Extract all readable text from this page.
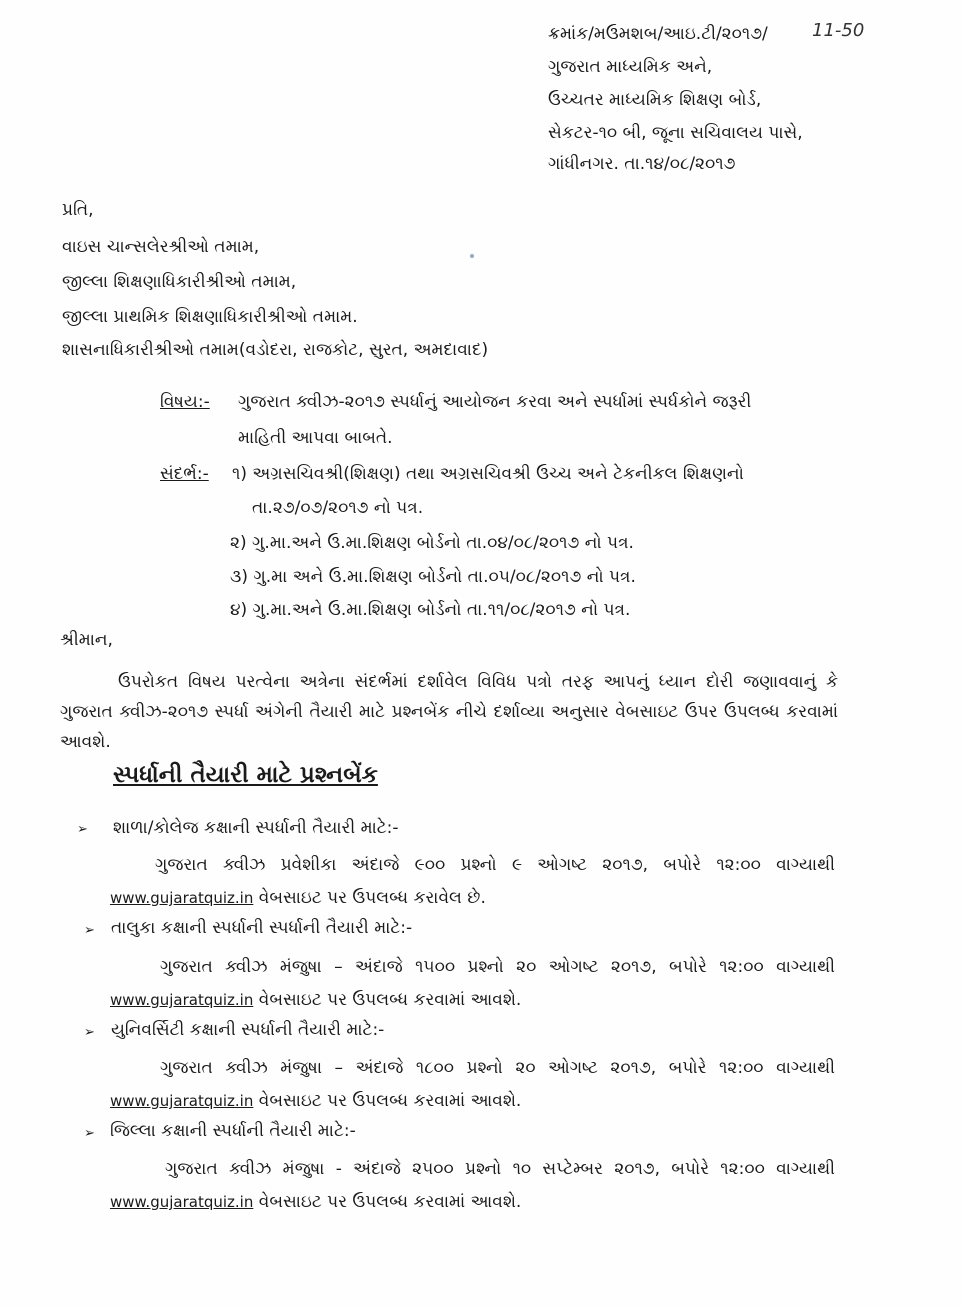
ક્રમાંક/મઉમશબ/આઇ.ટી/૨૦૧૭/ 11-50
ગુજરાત માધ્યમિક અને,
ઉચ્ચતર માધ્યમિક શિક્ષણ બોર્ડ,
સેકટર-૧૦ બી, જૂના સચિવાલય પાસે,
ગાંધીનગર. તા.૧૪/૦૮/૨૦૧૭
પ્રતિ,
વાઇસ ચાન્સલેરશ્રીઓ તમામ,
જીલ્લા શિક્ષણાધિકારીશ્રીઓ તમામ,
જીલ્લા પ્રાથમિક શિક્ષણાધિકારીશ્રીઓ તમામ.
શાસનાધિકારીશ્રીઓ તમામ(વડોદરા, રાજકોટ, સુરત, અમદાવાદ)
વિષય:- ગુજરાત ક્વીઝ-૨૦૧૭ સ્પર્ધાનું આયોજન કરવા અને સ્પર્ધામાં સ્પર્ધકોને જરૂરી
માહિતી આપવા બાબતે.
સંદર્ભ:- ૧) અગ્રસચિવશ્રી(શિક્ષણ) તથા અગ્રસચિવશ્રી ઉચ્ચ અને ટેકનીકલ શિક્ષણનો
તા.૨૭/૦૭/૨૦૧૭ નો પત્ર.
૨) ગુ.મા.અને ઉ.મા.શિક્ષણ બોર્ડનો તા.૦૪/૦૮/૨૦૧૭ નો પત્ર.
૩) ગુ.મા અને ઉ.મા.શિક્ષણ બોર્ડનો તા.૦૫/૦૮/૨૦૧૭ નો પત્ર.
૪) ગુ.મા.અને ઉ.મા.શિક્ષણ બોર્ડનો તા.૧૧/૦૮/૨૦૧૭ નો પત્ર.
શ્રીમાન,
ઉપરોકત વિષય પરત્વેના અત્રેના સંદર્ભમાં દર્શાવેલ વિવિધ પત્રો તરફ આપનું ધ્યાન દોરી જણાવવાનું કે ગુજરાત ક્વીઝ-૨૦૧૭ સ્પર્ધા અંગેની તૈયારી માટે પ્રશ્નબેંક નીચે દર્શાવ્યા અનુસાર વેબસાઇટ ઉપર ઉપલબ્ધ કરવામાં આવશે.
સ્પર્ધાની તૈયારી માટે પ્રશ્નબેંક
➢ શાળા/કોલેજ કક્ષાની સ્પર્ધાની તૈયારી માટે:-
ગુજરાત ક્વીઝ પ્રવેશીકા અંદાજે ૯૦૦ પ્રશ્નો ૯ ઓગષ્ટ ૨૦૧૭, બપોરે ૧૨:૦૦ વાગ્યાથી www.gujaratquiz.in વેબસાઇટ પર ઉપલબ્ધ કરાવેલ છે.
➢ તાલુકા કક્ષાની સ્પર્ધાની સ્પર્ધાની તૈયારી માટે:-
ગુજરાત ક્વીઝ મંજુષા – અંદાજે ૧૫૦૦ પ્રશ્નો ૨૦ ઓગષ્ટ ૨૦૧૭, બપોરે ૧૨:૦૦ વાગ્યાથી www.gujaratquiz.in વેબસાઇટ પર ઉપલબ્ધ કરવામાં આવશે.
➢ યુનિવર્સિટી કક્ષાની સ્પર્ધાની તૈયારી માટે:-
ગુજરાત ક્વીઝ મંજુષા – અંદાજે ૧૮૦૦ પ્રશ્નો ૨૦ ઓગષ્ટ ૨૦૧૭, બપોરે ૧૨:૦૦ વાગ્યાથી www.gujaratquiz.in વેબસાઇટ પર ઉપલબ્ધ કરવામાં આવશે.
➢ જિલ્લા કક્ષાની સ્પર્ધાની તૈયારી માટે:-
ગુજરાત ક્વીઝ મંજુષા - અંદાજે ૨૫૦૦ પ્રશ્નો ૧૦ સપ્ટેમ્બર ૨૦૧૭, બપોરે ૧૨:૦૦ વાગ્યાથી www.gujaratquiz.in વેબસાઇટ પર ઉપલબ્ધ કરવામાં આવશે.
